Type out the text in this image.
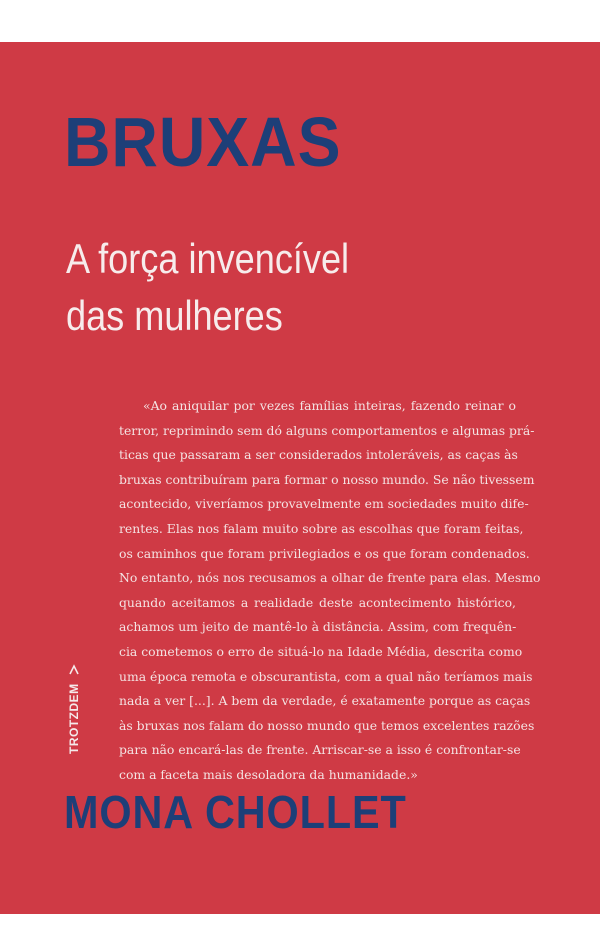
BRUXAS
A força invencível
das mulheres
«Ao aniquilar por vezes famílias inteiras, fazendo reinar o
terror, reprimindo sem dó alguns comportamentos e algumas prá-
ticas que passaram a ser considerados intoleráveis, as caças às
bruxas contribuíram para formar o nosso mundo. Se não tivessem
acontecido, viveríamos provavelmente em sociedades muito dife-
rentes. Elas nos falam muito sobre as escolhas que foram feitas,
os caminhos que foram privilegiados e os que foram condenados.
No entanto, nós nos recusamos a olhar de frente para elas. Mesmo
quando aceitamos a realidade deste acontecimento histórico,
achamos um jeito de mantê-lo à distância. Assim, com frequên-
cia cometemos o erro de situá-lo na Idade Média, descrita como
uma época remota e obscurantista, com a qual não teríamos mais
nada a ver [...]. A bem da verdade, é exatamente porque as caças
às bruxas nos falam do nosso mundo que temos excelentes razões
para não encará-las de frente. Arriscar-se a isso é confrontar-se
com a faceta mais desoladora da humanidade.»
TROTZDEM
MONA CHOLLET
